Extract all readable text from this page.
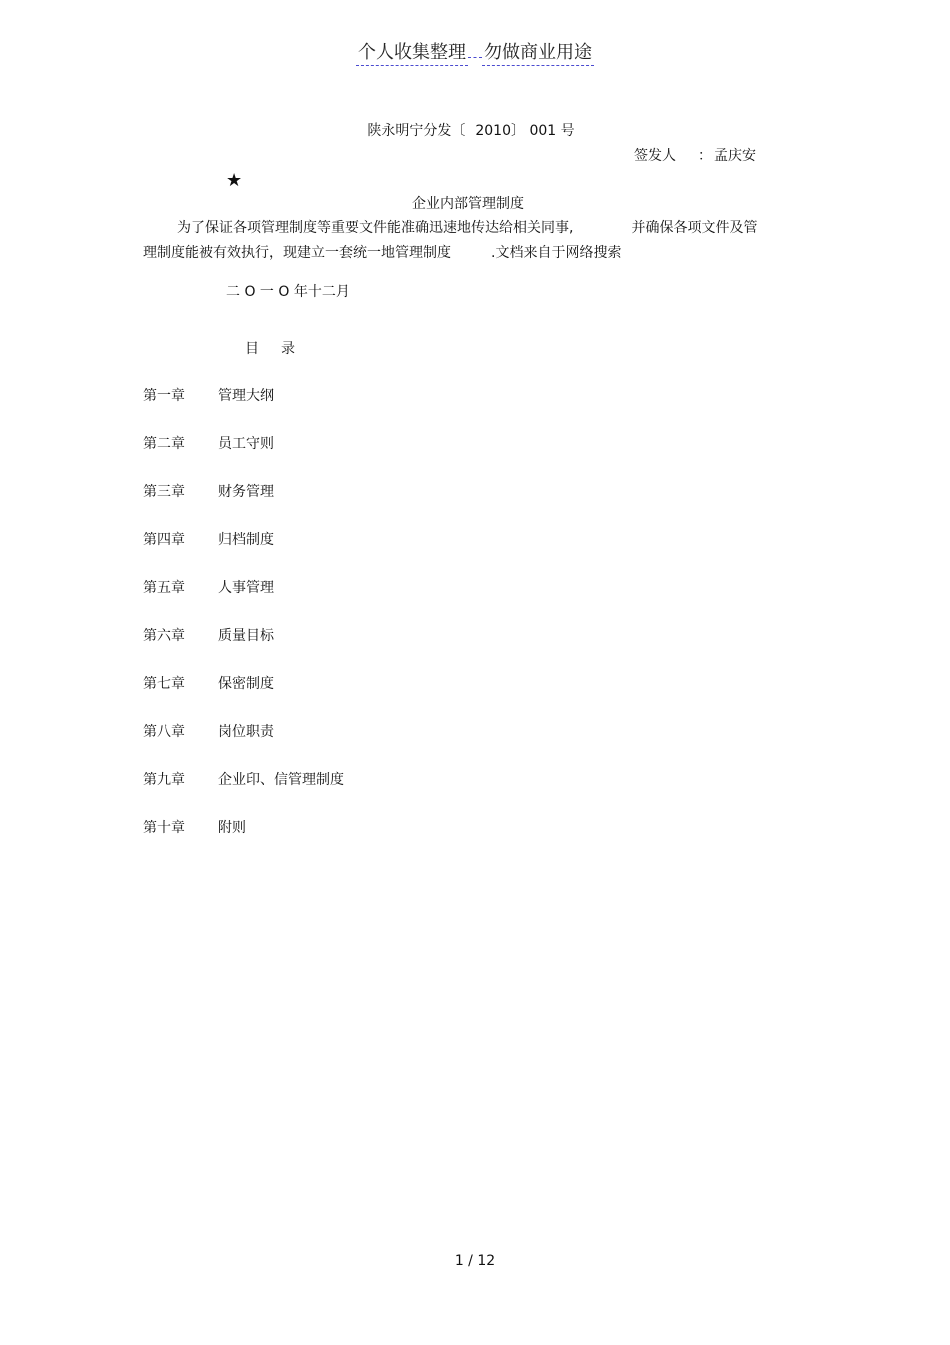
个人收集整理 勿做商业用途
陕永明宁分发〔 2010〕 001 号
签发人 ： 孟庆安
★
企业内部管理制度
为了保证各项管理制度等重要文件能准确迅速地传达给相关同事,	并确保各项文件及管
理制度能被有效执行，现建立一套统一地管理制度	.文档来自于网络搜索
二 O 一 O 年十二月
目 录
第一章	管理大纲
第二章	员工守则
第三章	财务管理
第四章	归档制度
第五章	人事管理
第六章	质量目标
第七章	保密制度
第八章	岗位职责
第九章	企业印、信管理制度
第十章	附则
1 / 12
